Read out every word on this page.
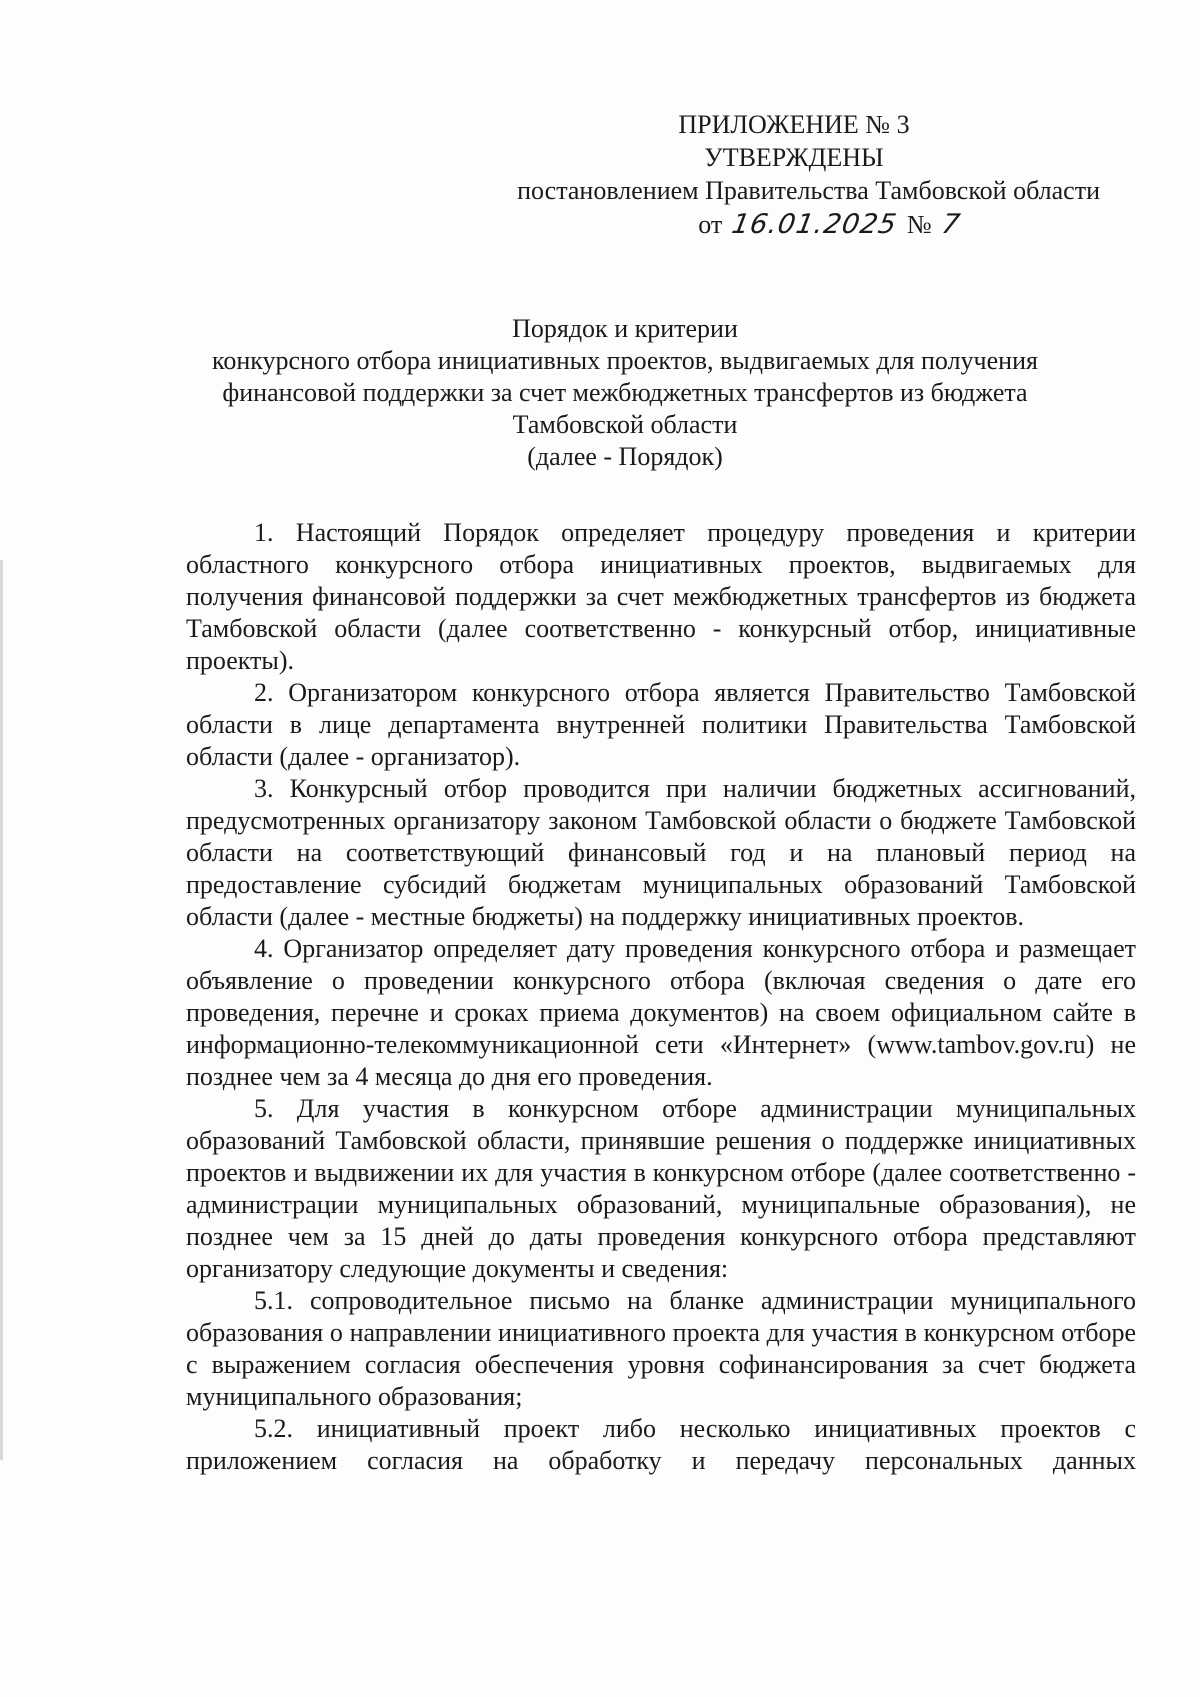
ПРИЛОЖЕНИЕ № 3
УТВЕРЖДЕНЫ
постановлением Правительства Тамбовской области
от 16.01.2025 № 7
Порядок и критерии
конкурсного отбора инициативных проектов, выдвигаемых для получения
финансовой поддержки за счет межбюджетных трансфертов из бюджета
Тамбовской области
(далее - Порядок)

1. Настоящий Порядок определяет процедуру проведения и критерии областного конкурсного отбора инициативных проектов, выдвигаемых для получения финансовой поддержки за счет межбюджетных трансфертов из бюджета Тамбовской области (далее соответственно - конкурсный отбор, инициативные проекты).

2. Организатором конкурсного отбора является Правительство Тамбовской области в лице департамента внутренней политики Правительства Тамбовской области (далее - организатор).

3. Конкурсный отбор проводится при наличии бюджетных ассигнований, предусмотренных организатору законом Тамбовской области о бюджете Тамбовской области на соответствующий финансовый год и на плановый период на предоставление субсидий бюджетам муниципальных образований Тамбовской области (далее - местные бюджеты) на поддержку инициативных проектов.

4. Организатор определяет дату проведения конкурсного отбора и размещает объявление о проведении конкурсного отбора (включая сведения о дате его проведения, перечне и сроках приема документов) на своем официальном сайте в информационно-телекоммуникационной сети «Интернет» (www.tambov.gov.ru) не позднее чем за 4 месяца до дня его проведения.

5. Для участия в конкурсном отборе администрации муниципальных образований Тамбовской области, принявшие решения о поддержке инициативных проектов и выдвижении их для участия в конкурсном отборе (далее соответственно - администрации муниципальных образований, муниципальные образования), не позднее чем за 15 дней до даты проведения конкурсного отбора представляют организатору следующие документы и сведения:

5.1. сопроводительное письмо на бланке администрации муниципального образования о направлении инициативного проекта для участия в конкурсном отборе с выражением согласия обеспечения уровня софинансирования за счет бюджета муниципального образования;

5.2. инициативный проект либо несколько инициативных проектов с приложением согласия на обработку и передачу персональных данных
